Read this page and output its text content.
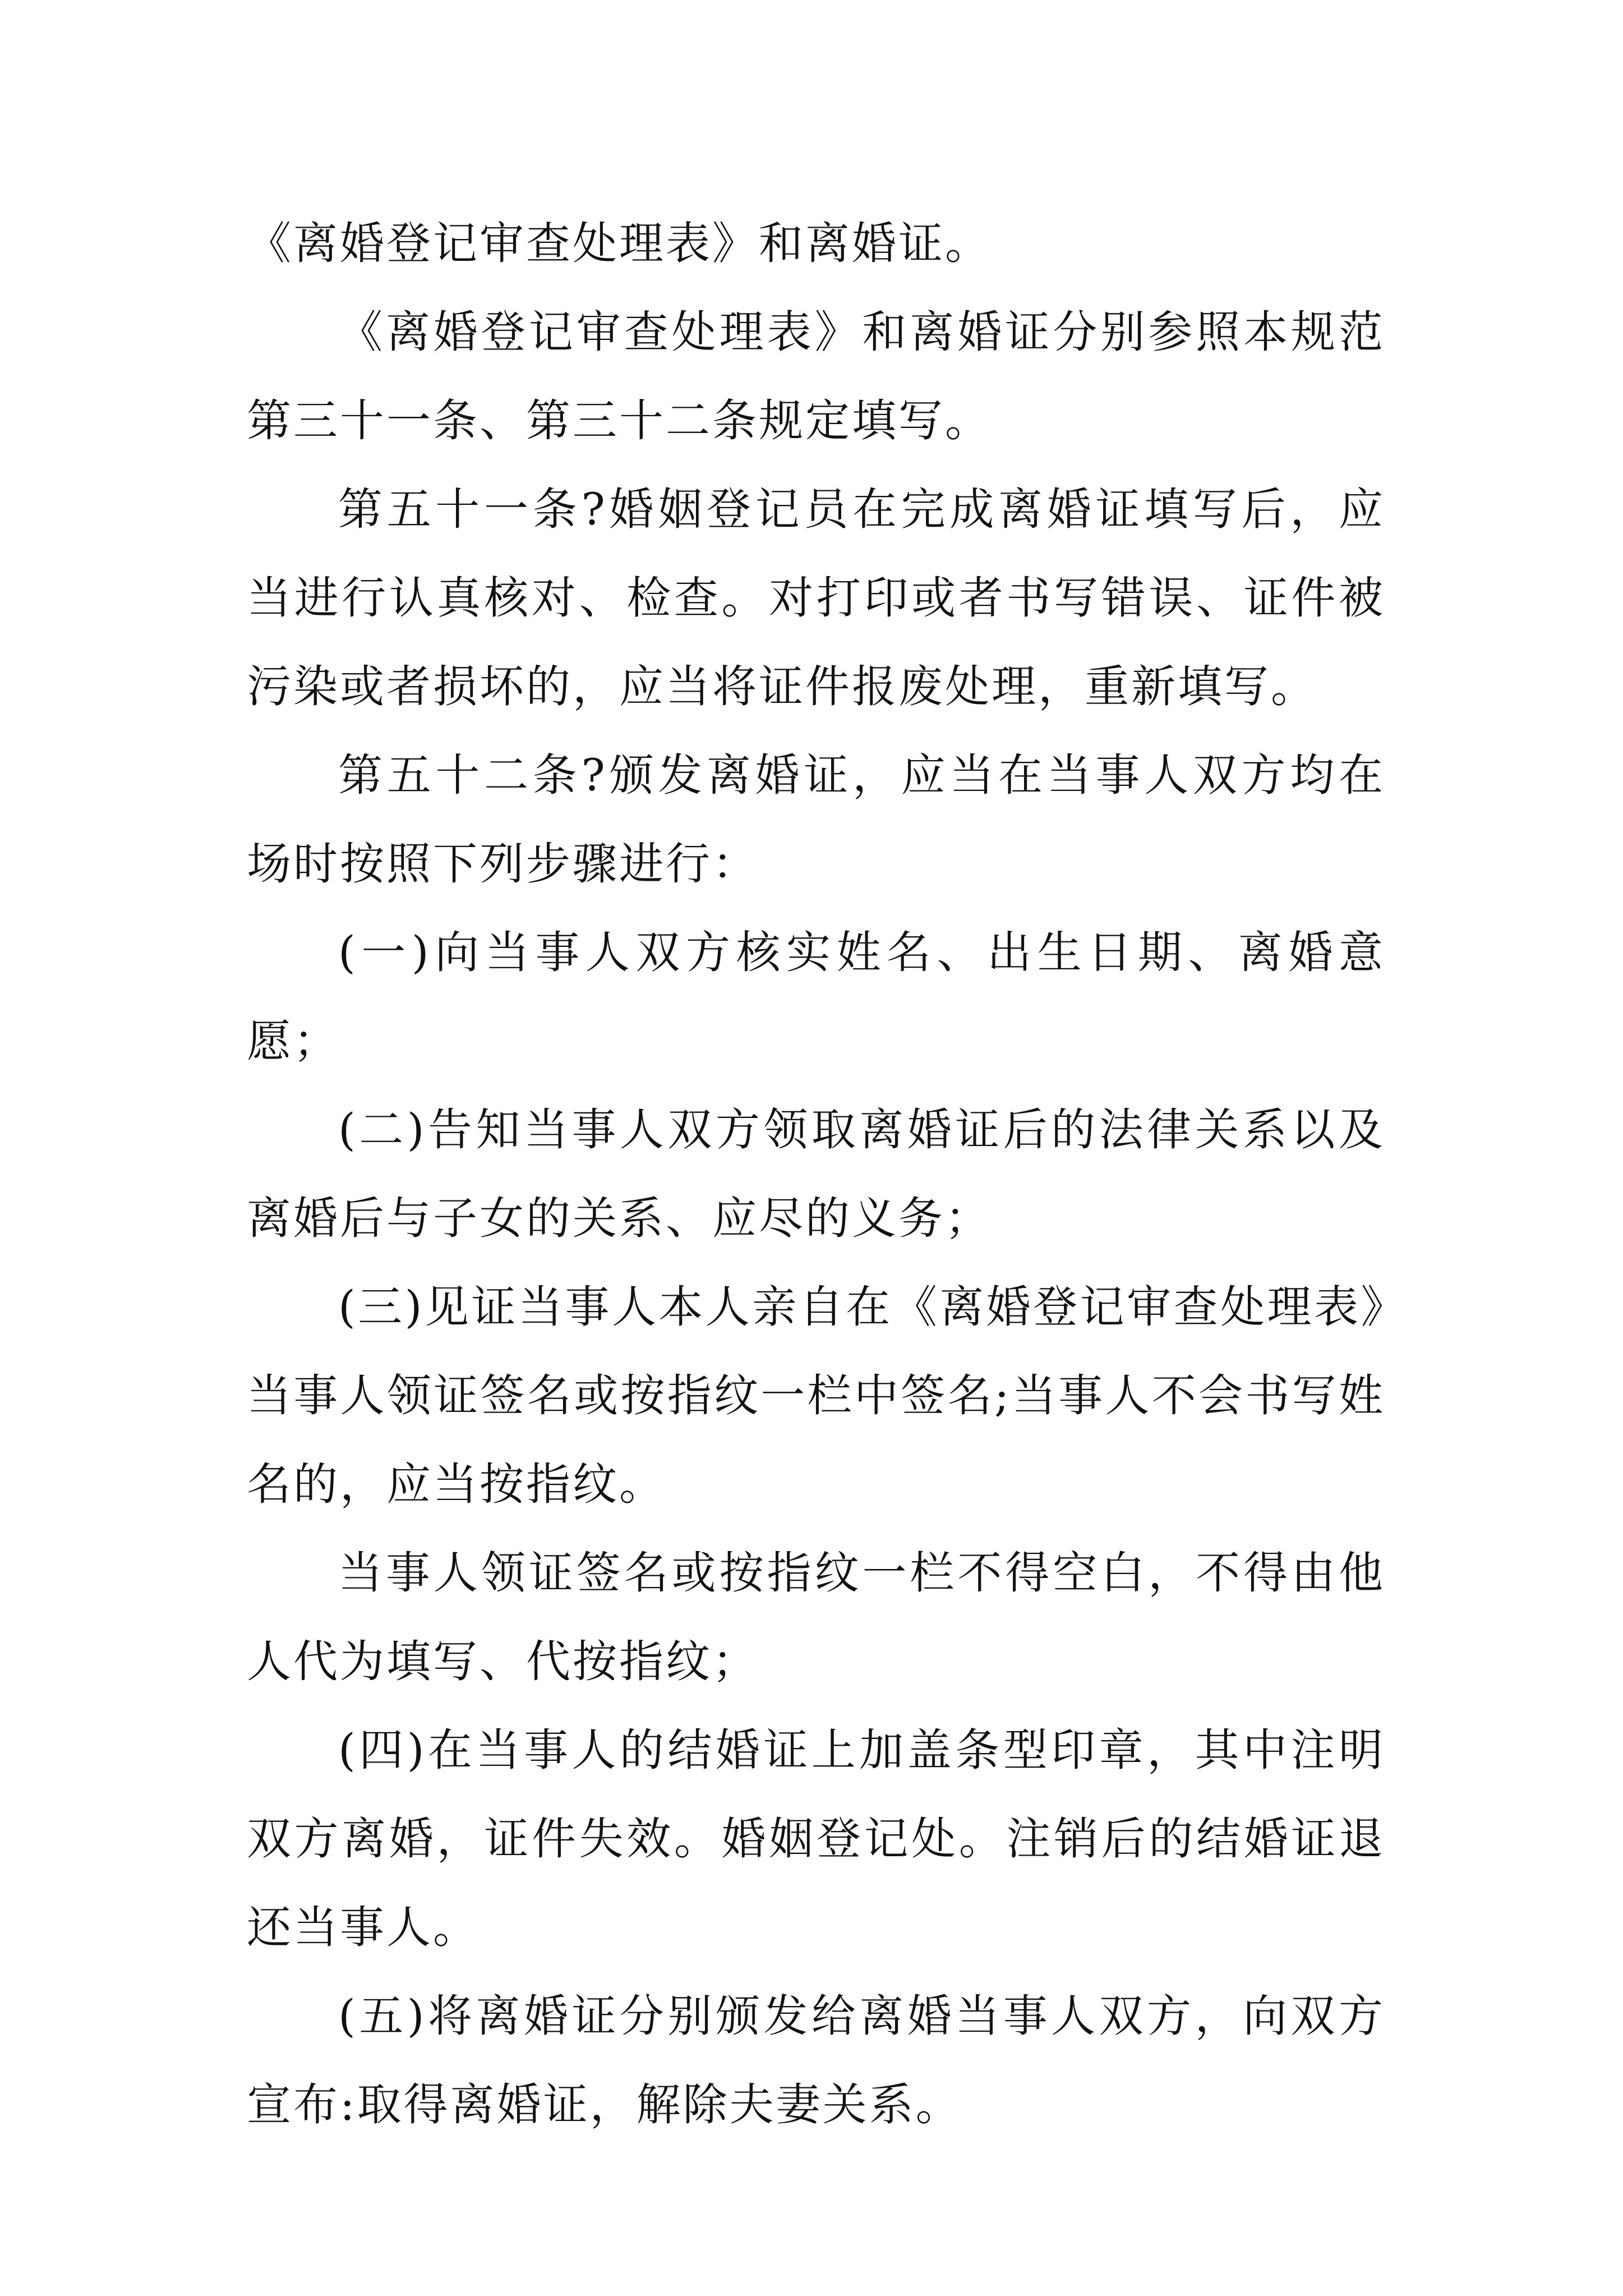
《离婚登记审查处理表》和离婚证。

《离婚登记审查处理表》和离婚证分别参照本规范第三十一条、第三十二条规定填写。

第五十一条?婚姻登记员在完成离婚证填写后，应当进行认真核对、检查。对打印或者书写错误、证件被污染或者损坏的，应当将证件报废处理，重新填写。

第五十二条?颁发离婚证，应当在当事人双方均在场时按照下列步骤进行：

(一)向当事人双方核实姓名、出生日期、离婚意愿；

(二)告知当事人双方领取离婚证后的法律关系以及离婚后与子女的关系、应尽的义务；

(三)见证当事人本人亲自在《离婚登记审查处理表》当事人领证签名或按指纹一栏中签名;当事人不会书写姓名的，应当按指纹。

当事人领证签名或按指纹一栏不得空白，不得由他人代为填写、代按指纹；

(四)在当事人的结婚证上加盖条型印章，其中注明双方离婚，证件失效。婚姻登记处。注销后的结婚证退还当事人。

(五)将离婚证分别颁发给离婚当事人双方，向双方宣布:取得离婚证，解除夫妻关系。
